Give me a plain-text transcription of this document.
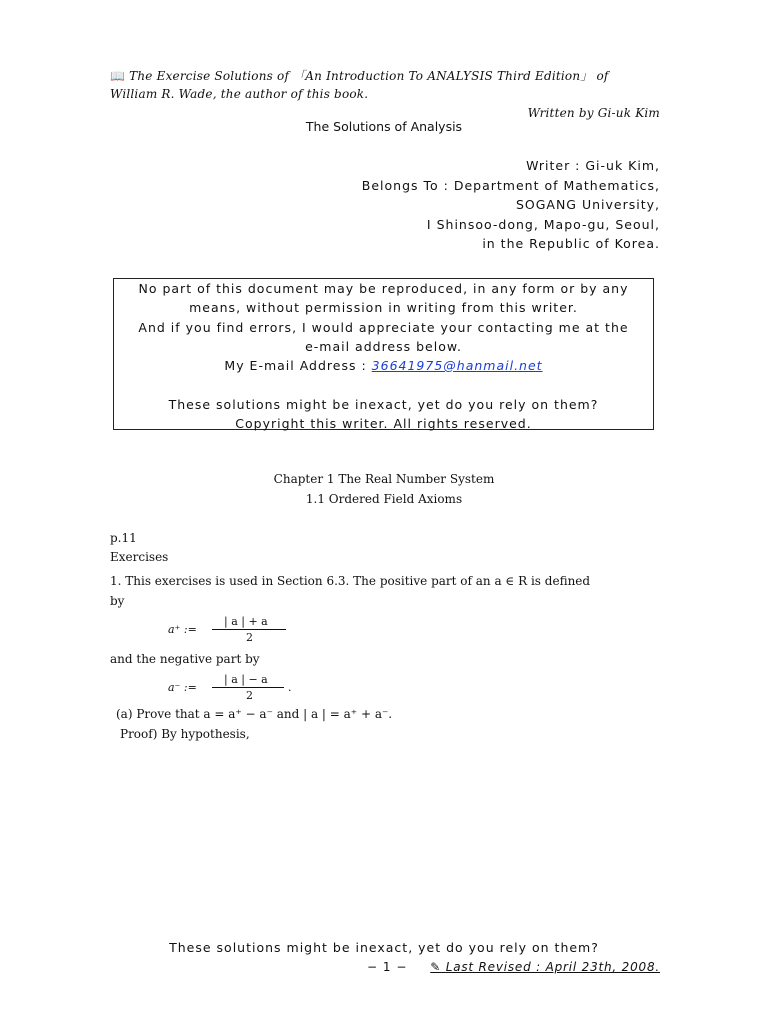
📖 The Exercise Solutions of 「An Introduction To ANALYSIS Third Edition」 of
William R. Wade, the author of this book.
Written by Gi-uk Kim
The Solutions of Analysis
Writer : Gi-uk Kim,
Belongs To : Department of Mathematics,
SOGANG University,
I Shinsoo-dong, Mapo-gu, Seoul,
in the Republic of Korea.
No part of this document may be reproduced, in any form or by any
means, without permission in writing from this writer.
And if you find errors, I would appreciate your contacting me at the
e-mail address below.
My E-mail Address : 36641975@hanmail.net
These solutions might be inexact, yet do you rely on them?
Copyright this writer. All rights reserved.
Chapter 1 The Real Number System
1.1 Ordered Field Axioms
p.11
Exercises
1. This exercises is used in Section 6.3. The positive part of an a ∈ R is defined
by
a⁺ :=
| a | + a
2
and the negative part by
a⁻ :=
| a | − a
2
.
(a) Prove that a = a⁺ − a⁻ and | a | = a⁺ + a⁻.
Proof) By hypothesis,
These solutions might be inexact, yet do you rely on them?
− 1 − ✎ Last Revised : April 23th, 2008.
